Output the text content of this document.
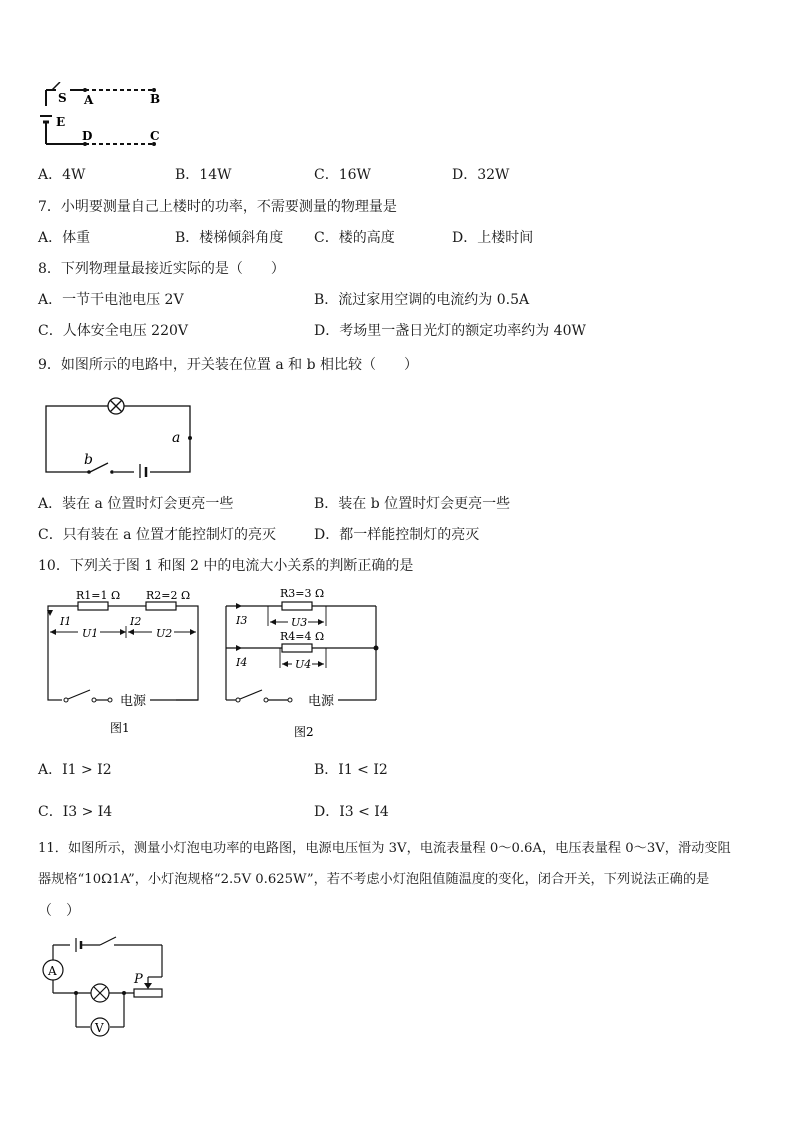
S A	B
E
D	C
A．4W	B．14W	C．16W	D．32W
7．小明要测量自己上楼时的功率，不需要测量的物理量是
A．体重	B．楼梯倾斜角度 C．楼的高度	D．上楼时间
8．下列物理量最接近实际的是（　　）
A．一节干电池电压 2V	B．流过家用空调的电流约为 0.5A
C．人体安全电压 220V	D．考场里一盏日光灯的额定功率约为 40W
9．如图所示的电路中，开关装在位置 a 和 b 相比较（　　）
a
b
A．装在 a 位置时灯会更亮一些	B．装在 b 位置时灯会更亮一些
C．只有装在 a 位置才能控制灯的亮灭	D．都一样能控制灯的亮灭
10．下列关于图 1 和图 2 中的电流大小关系的判断正确的是
R1=1 Ω R2=2 Ω
I1	I2
U1	U2
电源
图1
R3=3 Ω
R4=4 Ω
I3
I4
U3
U4
电源
图2
A．I1 > I2	B．I1 < I2
C．I3 > I4	D．I3 < I4
11．如图所示，测量小灯泡电功率的电路图，电源电压恒为 3V，电流表量程 0～0.6A，电压表量程 0～3V，滑动变阻
器规格“10Ω1A”，小灯泡规格“2.5V 0.625W”，若不考虑小灯泡阻值随温度的变化，闭合开关，下列说法正确的是
（　）
A
P
V
